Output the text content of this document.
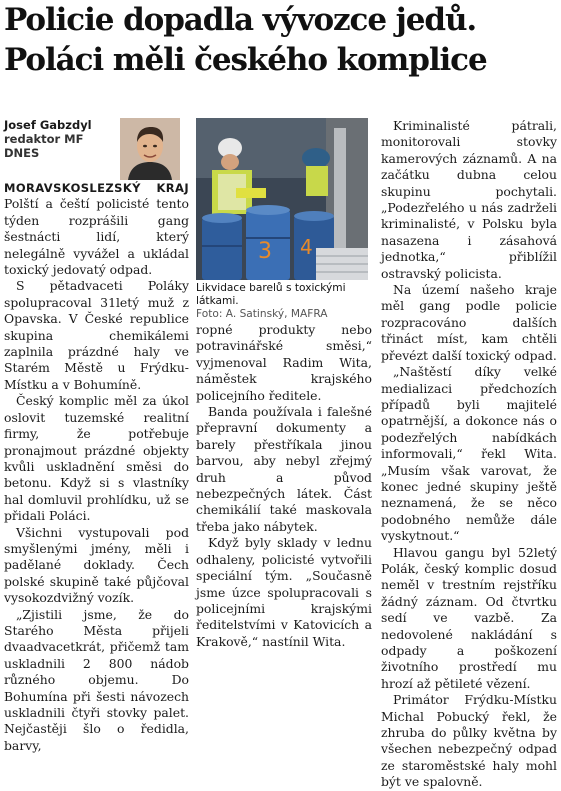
Policie dopadla vývozce jedů.
Poláci měli českého komplice
Josef Gabzdyl
redaktor MF DNES

MORAVSKOSLEZSKÝ KRAJ Polští a čeští policisté tento týden rozprášili gang šestnácti lidí, který nelegálně vyvážel a ukládal toxický jedovatý odpad.

S pětadvaceti Poláky spolupracoval 31letý muž z Opavska. V České republice skupina chemikálemi zaplnila prázdné haly ve Starém Městě u Frýdku-Místku a v Bohumíně.

Český komplic měl za úkol oslovit tuzemské realitní firmy, že potřebuje pronajmout prázdné objekty kvůli uskladnění směsi do betonu. Když si s vlastníky hal domluvil prohlídku, už se přidali Poláci.

Všichni vystupovali pod smyšlenými jmény, měli i padělané doklady. Čech polské skupině také půjčoval vysokozdvižný vozík.

„Zjistili jsme, že do Starého Města přijeli dvaadvacetkrát, přičemž tam uskladnili 2 800 nádob různého objemu. Do Bohumína při šesti návozech uskladnili čtyři stovky palet. Nejčastěji šlo o ředidla, barvy,

3 4
Likvidace barelů s toxickými látkami.
Foto: A. Satinský, MAFRA

ropné produkty nebo potravinářské směsi,“ vyjmenoval Radim Wita, náměstek krajského policejního ředitele.

Banda používala i falešné přepravní dokumenty a barely přestříkala jinou barvou, aby nebyl zřejmý druh a původ nebezpečných látek. Část chemikálií také maskovala třeba jako nábytek.

Když byly sklady v lednu odhaleny, policisté vytvořili speciální tým. „Současně jsme úzce spolupracovali s policejními krajskými ředitelstvími v Katovicích a Krakově,“ nastínil Wita.

Kriminalisté pátrali, monitorovali stovky kamerových záznamů. A na začátku dubna celou skupinu pochytali. „Podezřelého u nás zadrželi kriminalisté, v Polsku byla nasazena i zásahová jednotka,“ přiblížil ostravský policista.

Na území našeho kraje měl gang podle policie rozpracováno dalších třináct míst, kam chtěli převézt další toxický odpad.

„Naštěstí díky velké medializaci předchozích případů byli majitelé opatrnější, a dokonce nás o podezřelých nabídkách informovali,“ řekl Wita. „Musím však varovat, že konec jedné skupiny ještě neznamená, že se něco podobného nemůže dále vyskytnout.“

Hlavou gangu byl 52letý Polák, český komplic dosud neměl v trestním rejstříku žádný záznam. Od čtvrtku sedí ve vazbě. Za nedovolené nakládání s odpady a poškození životního prostředí mu hrozí až pětileté vězení.

Primátor Frýdku-Místku Michal Pobucký řekl, že zhruba do půlky května by všechen nebezpečný odpad ze staroměstské haly mohl být ve spalovně.
